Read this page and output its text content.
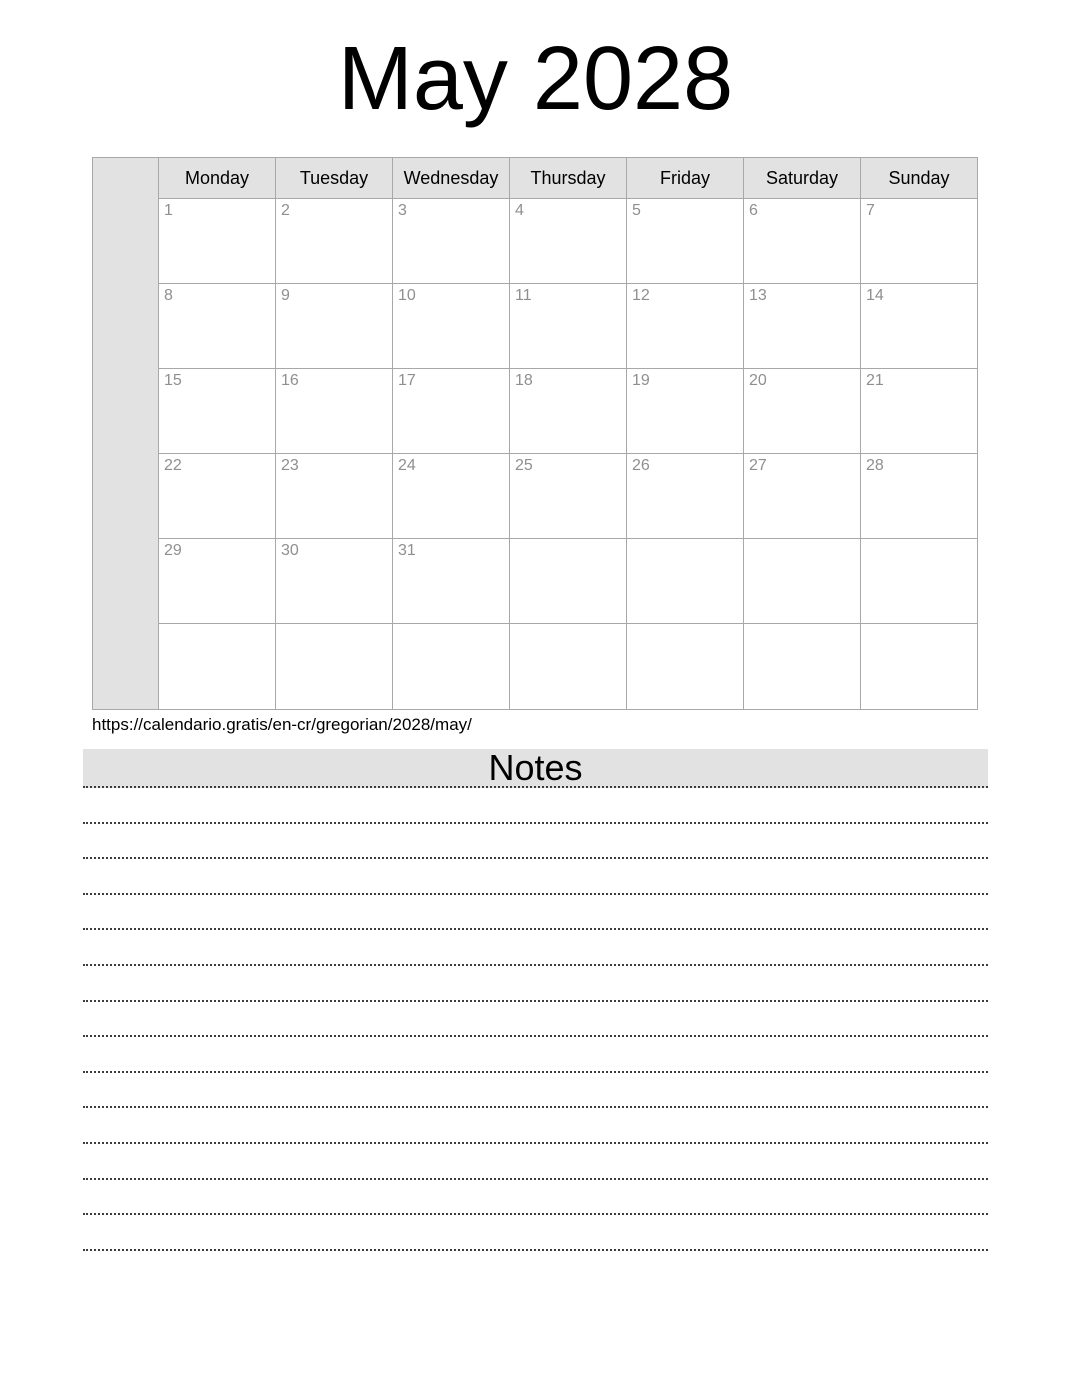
May 2028
	Monday	Tuesday	Wednesday	Thursday	Friday	Saturday	Sunday
	1	2	3	4	5	6	7
	8	9	10	11	12	13	14
	15	16	17	18	19	20	21
	22	23	24	25	26	27	28
	29	30	31				

https://calendario.gratis/en-cr/gregorian/2028/may/
Notes
